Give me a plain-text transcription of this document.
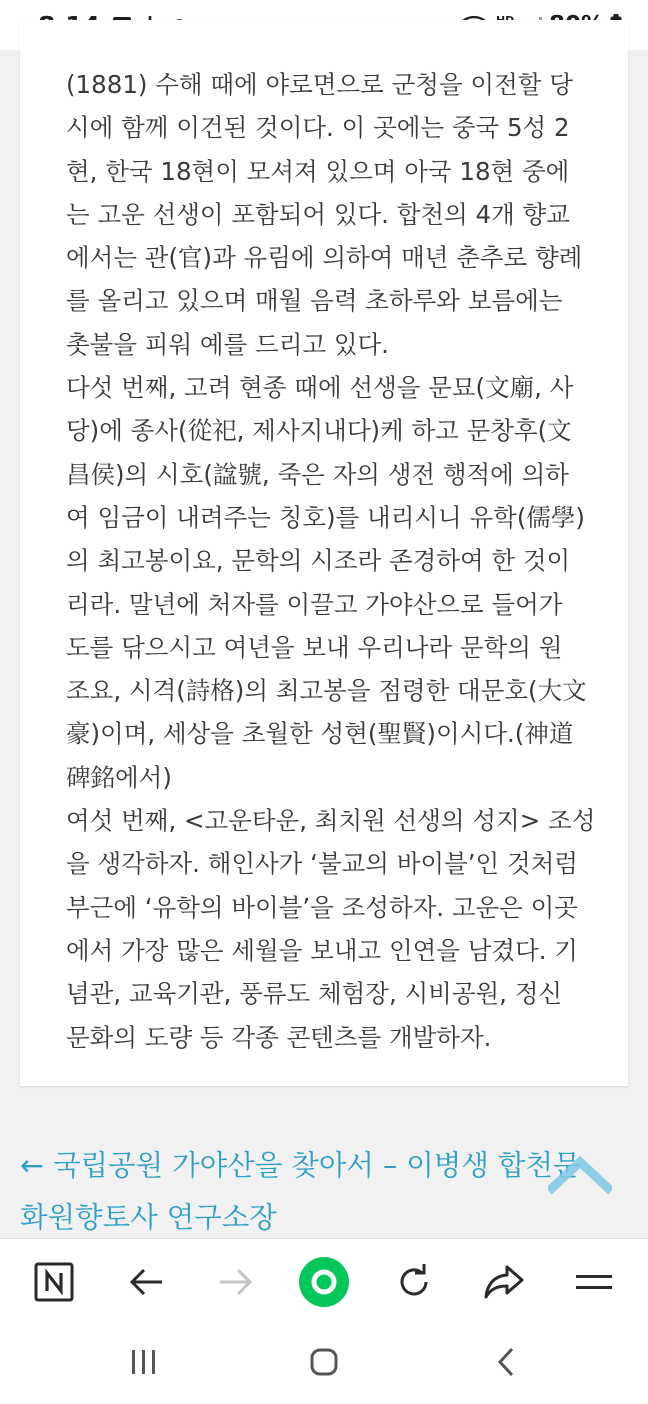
(1881) 수해 때에 야로면으로 군청을 이전할 당
시에 함께 이건된 것이다. 이 곳에는 중국 5성 2
현, 한국 18현이 모셔져 있으며 아국 18현 중에
는 고운 선생이 포함되어 있다. 합천의 4개 향교
에서는 관(官)과 유림에 의하여 매년 춘추로 향례
를 올리고 있으며 매월 음력 초하루와 보름에는
촛불을 피워 예를 드리고 있다.
다섯 번째, 고려 현종 때에 선생을 문묘(文廟, 사
당)에 종사(從祀, 제사지내다)케 하고 문창후(文
昌侯)의 시호(諡號, 죽은 자의 생전 행적에 의하
여 임금이 내려주는 칭호)를 내리시니 유학(儒學)
의 최고봉이요, 문학의 시조라 존경하여 한 것이
리라. 말년에 처자를 이끌고 가야산으로 들어가
도를 닦으시고 여년을 보내 우리나라 문학의 원
조요, 시격(詩格)의 최고봉을 점령한 대문호(大文
豪)이며, 세상을 초월한 성현(聖賢)이시다.(神道
碑銘에서)
여섯 번째, <고운타운, 최치원 선생의 성지> 조성
을 생각하자. 해인사가 ‘불교의 바이블’인 것처럼
부근에 ‘유학의 바이블’을 조성하자. 고운은 이곳
에서 가장 많은 세월을 보내고 인연을 남겼다. 기
념관, 교육기관, 풍류도 체험장, 시비공원, 정신
문화의 도량 등 각종 콘텐츠를 개발하자.
← 국립공원 가야산을 찾아서 – 이병생 합천문
화원향토사 연구소장
